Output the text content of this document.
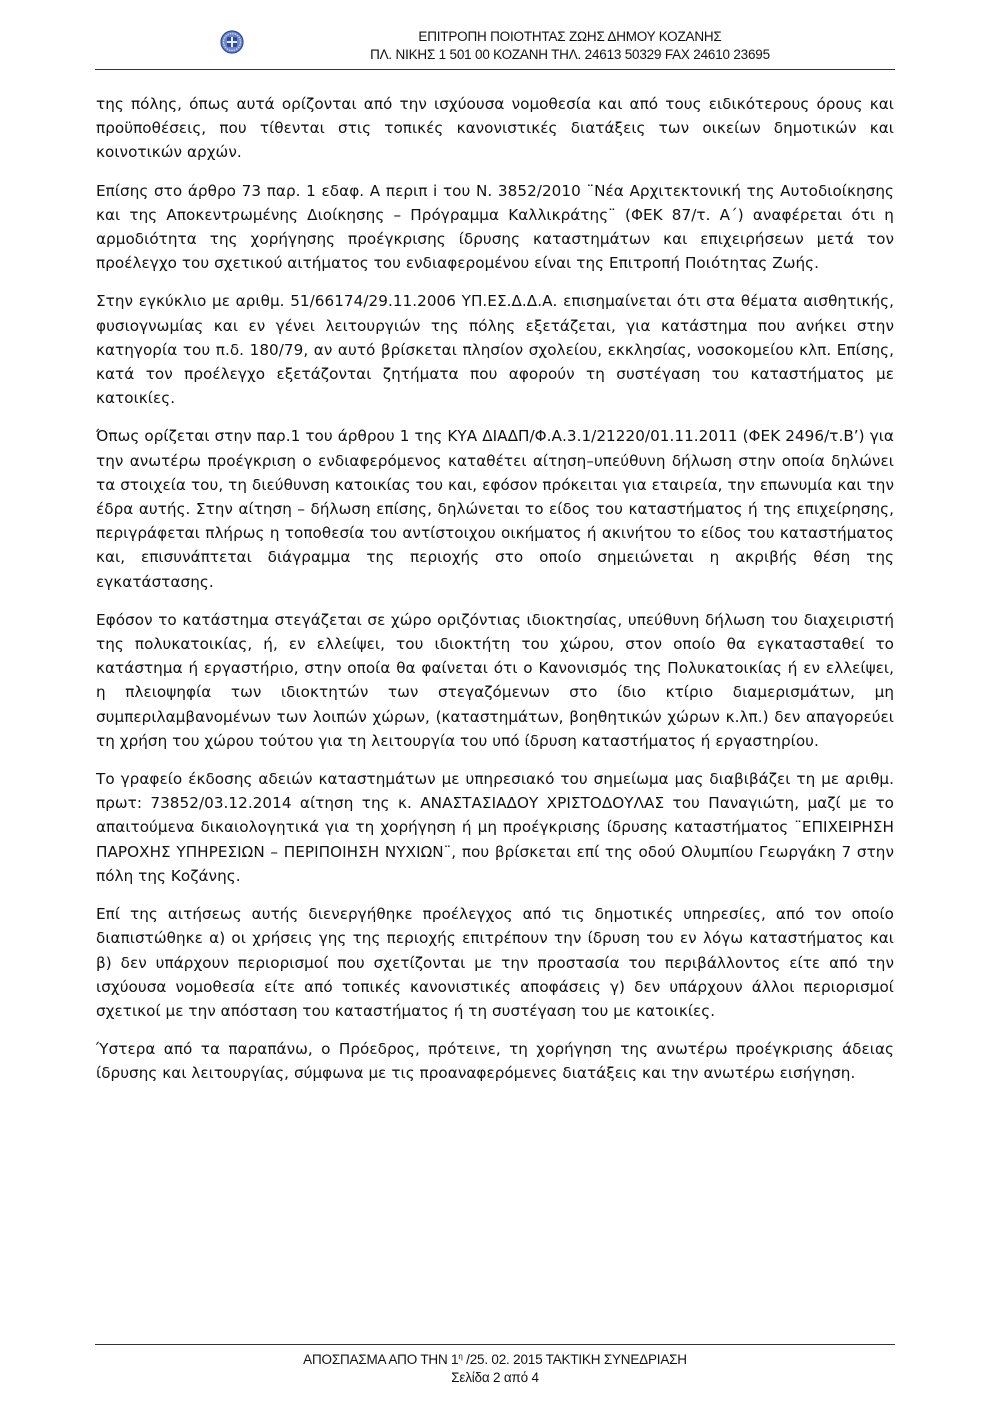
ΕΠΙΤΡΟΠΗ ΠΟΙΟΤΗΤΑΣ ΖΩΗΣ ΔΗΜΟΥ ΚΟΖΑΝΗΣ
ΠΛ. ΝΙΚΗΣ 1 501 00 ΚΟΖΑΝΗ ΤΗΛ. 24613 50329 FAX 24610 23695

της πόλης, όπως αυτά ορίζονται από την ισχύουσα νομοθεσία και από τους ειδικότερους όρους και προϋποθέσεις, που τίθενται στις τοπικές κανονιστικές διατάξεις των οικείων δημοτικών και κοινοτικών αρχών.

Επίσης στο άρθρο 73 παρ. 1 εδαφ. Α περιπ i του Ν. 3852/2010 ¨Νέα Αρχιτεκτονική της Αυτοδιοίκησης και της Αποκεντρωμένης Διοίκησης – Πρόγραμμα Καλλικράτης¨ (ΦΕΚ 87/τ. Α΄) αναφέρεται ότι η αρμοδιότητα της χορήγησης προέγκρισης ίδρυσης καταστημάτων και επιχειρήσεων μετά τον προέλεγχο του σχετικού αιτήματος του ενδιαφερομένου είναι της Επιτροπή Ποιότητας Ζωής.

Στην εγκύκλιο με αριθμ. 51/66174/29.11.2006 ΥΠ.ΕΣ.Δ.Δ.Α. επισημαίνεται ότι στα θέματα αισθητικής, φυσιογνωμίας και εν γένει λειτουργιών της πόλης εξετάζεται, για κατάστημα που ανήκει στην κατηγορία του π.δ. 180/79, αν αυτό βρίσκεται πλησίον σχολείου, εκκλησίας, νοσοκομείου κλπ. Επίσης, κατά τον προέλεγχο εξετάζονται ζητήματα που αφορούν τη συστέγαση του καταστήματος με κατοικίες.

Όπως ορίζεται στην παρ.1 του άρθρου 1 της ΚΥΑ ΔΙΑΔΠ/Φ.Α.3.1/21220/01.11.2011 (ΦΕΚ 2496/τ.Β’) για την ανωτέρω προέγκριση ο ενδιαφερόμενος καταθέτει αίτηση–υπεύθυνη δήλωση στην οποία δηλώνει τα στοιχεία του, τη διεύθυνση κατοικίας του και, εφόσον πρόκειται για εταιρεία, την επωνυμία και την έδρα αυτής. Στην αίτηση – δήλωση επίσης, δηλώνεται το είδος του καταστήματος ή της επιχείρησης, περιγράφεται πλήρως η τοποθεσία του αντίστοιχου οικήματος ή ακινήτου το είδος του καταστήματος και, επισυνάπτεται διάγραμμα της περιοχής στο οποίο σημειώνεται η ακριβής θέση της εγκατάστασης.

Εφόσον το κατάστημα στεγάζεται σε χώρο οριζόντιας ιδιοκτησίας, υπεύθυνη δήλωση του διαχειριστή της πολυκατοικίας, ή, εν ελλείψει, του ιδιοκτήτη του χώρου, στον οποίο θα εγκατασταθεί το κατάστημα ή εργαστήριο, στην οποία θα φαίνεται ότι ο Κανονισμός της Πολυκατοικίας ή εν ελλείψει, η πλειοψηφία των ιδιοκτητών των στεγαζόμενων στο ίδιο κτίριο διαμερισμάτων, μη συμπεριλαμβανομένων των λοιπών χώρων, (καταστημάτων, βοηθητικών χώρων κ.λπ.) δεν απαγορεύει τη χρήση του χώρου τούτου για τη λειτουργία του υπό ίδρυση καταστήματος ή εργαστηρίου.

Το γραφείο έκδοσης αδειών καταστημάτων με υπηρεσιακό του σημείωμα μας διαβιβάζει τη με αριθμ. πρωτ: 73852/03.12.2014 αίτηση της κ. ΑΝΑΣΤΑΣΙΑΔΟΥ ΧΡΙΣΤΟΔΟΥΛΑΣ του Παναγιώτη, μαζί με το απαιτούμενα δικαιολογητικά για τη χορήγηση ή μη προέγκρισης ίδρυσης καταστήματος ¨ΕΠΙΧΕΙΡΗΣΗ ΠΑΡΟΧΗΣ ΥΠΗΡΕΣΙΩΝ – ΠΕΡΙΠΟΙΗΣΗ ΝΥΧΙΩΝ¨, που βρίσκεται επί της οδού Ολυμπίου Γεωργάκη 7 στην πόλη της Κοζάνης.

Επί της αιτήσεως αυτής διενεργήθηκε προέλεγχος από τις δημοτικές υπηρεσίες, από τον οποίο διαπιστώθηκε α) οι χρήσεις γης της περιοχής επιτρέπουν την ίδρυση του εν λόγω καταστήματος και β) δεν υπάρχουν περιορισμοί που σχετίζονται με την προστασία του περιβάλλοντος είτε από την ισχύουσα νομοθεσία είτε από τοπικές κανονιστικές αποφάσεις γ) δεν υπάρχουν άλλοι περιορισμοί σχετικοί με την απόσταση του καταστήματος ή τη συστέγαση του με κατοικίες.

Ύστερα από τα παραπάνω, ο Πρόεδρος, πρότεινε, τη χορήγηση της ανωτέρω προέγκρισης άδειας ίδρυσης και λειτουργίας, σύμφωνα με τις προαναφερόμενες διατάξεις και την ανωτέρω εισήγηση.

ΑΠΟΣΠΑΣΜΑ ΑΠΟ ΤΗΝ $1^\eta$ /25. 02. 2015 ΤΑΚΤΙΚΗ ΣΥΝΕΔΡΙΑΣΗ
Σελίδα 2 από 4
